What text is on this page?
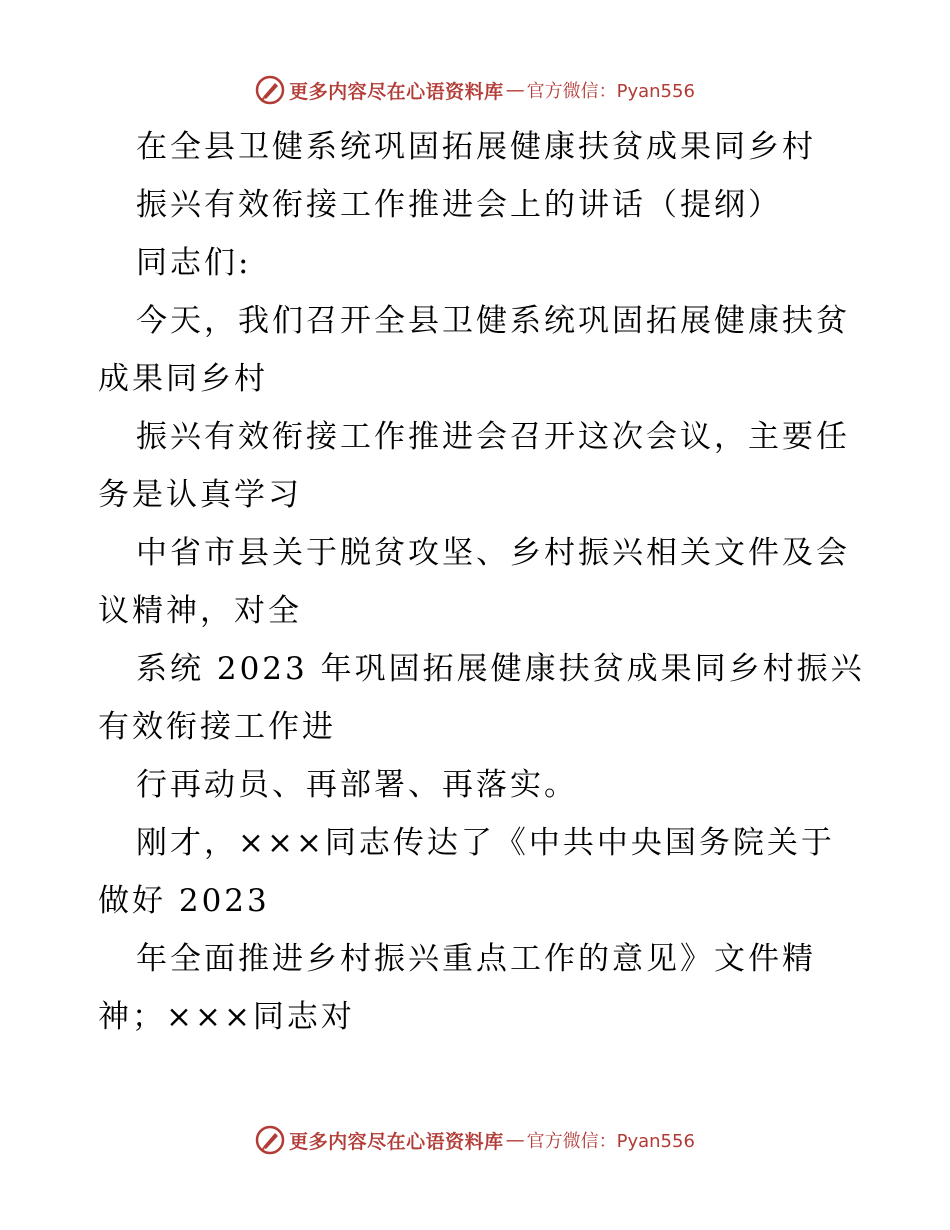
更多内容尽在心语资料库 — 官方微信：Pyan556
在全县卫健系统巩固拓展健康扶贫成果同乡村
振兴有效衔接工作推进会上的讲话（提纲）
同志们:
今天，我们召开全县卫健系统巩固拓展健康扶贫
成果同乡村
振兴有效衔接工作推进会召开这次会议，主要任
务是认真学习
中省市县关于脱贫攻坚、乡村振兴相关文件及会
议精神，对全
系统 2023 年巩固拓展健康扶贫成果同乡村振兴
有效衔接工作进
行再动员、再部署、再落实。
刚才，×××同志传达了《中共中央国务院关于
做好 2023
年全面推进乡村振兴重点工作的意见》文件精
神；×××同志对
更多内容尽在心语资料库 — 官方微信：Pyan556
